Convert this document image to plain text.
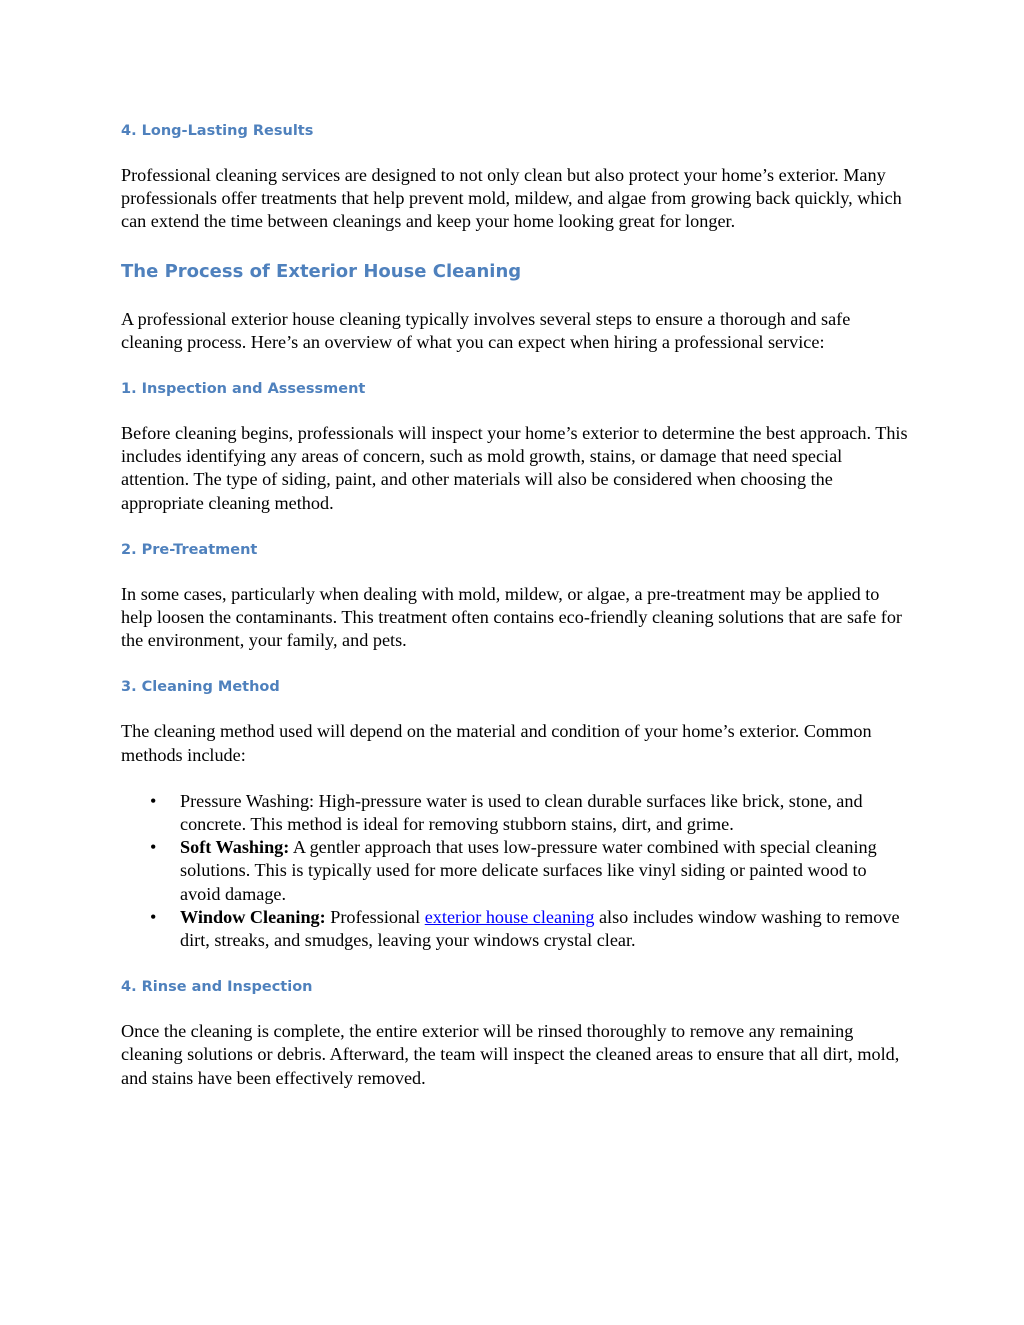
4. Long-Lasting Results

Professional cleaning services are designed to not only clean but also protect your home’s exterior. Many professionals offer treatments that help prevent mold, mildew, and algae from growing back quickly, which can extend the time between cleanings and keep your home looking great for longer.

The Process of Exterior House Cleaning

A professional exterior house cleaning typically involves several steps to ensure a thorough and safe cleaning process. Here’s an overview of what you can expect when hiring a professional service:

1. Inspection and Assessment

Before cleaning begins, professionals will inspect your home’s exterior to determine the best approach. This includes identifying any areas of concern, such as mold growth, stains, or damage that need special attention. The type of siding, paint, and other materials will also be considered when choosing the appropriate cleaning method.

2. Pre-Treatment

In some cases, particularly when dealing with mold, mildew, or algae, a pre-treatment may be applied to help loosen the contaminants. This treatment often contains eco-friendly cleaning solutions that are safe for the environment, your family, and pets.

3. Cleaning Method

The cleaning method used will depend on the material and condition of your home’s exterior. Common methods include:

• Pressure Washing: High-pressure water is used to clean durable surfaces like brick, stone, and concrete. This method is ideal for removing stubborn stains, dirt, and grime.
• Soft Washing: A gentler approach that uses low-pressure water combined with special cleaning solutions. This is typically used for more delicate surfaces like vinyl siding or painted wood to avoid damage.
• Window Cleaning: Professional exterior house cleaning also includes window washing to remove dirt, streaks, and smudges, leaving your windows crystal clear.
4. Rinse and Inspection

Once the cleaning is complete, the entire exterior will be rinsed thoroughly to remove any remaining cleaning solutions or debris. Afterward, the team will inspect the cleaned areas to ensure that all dirt, mold, and stains have been effectively removed.
